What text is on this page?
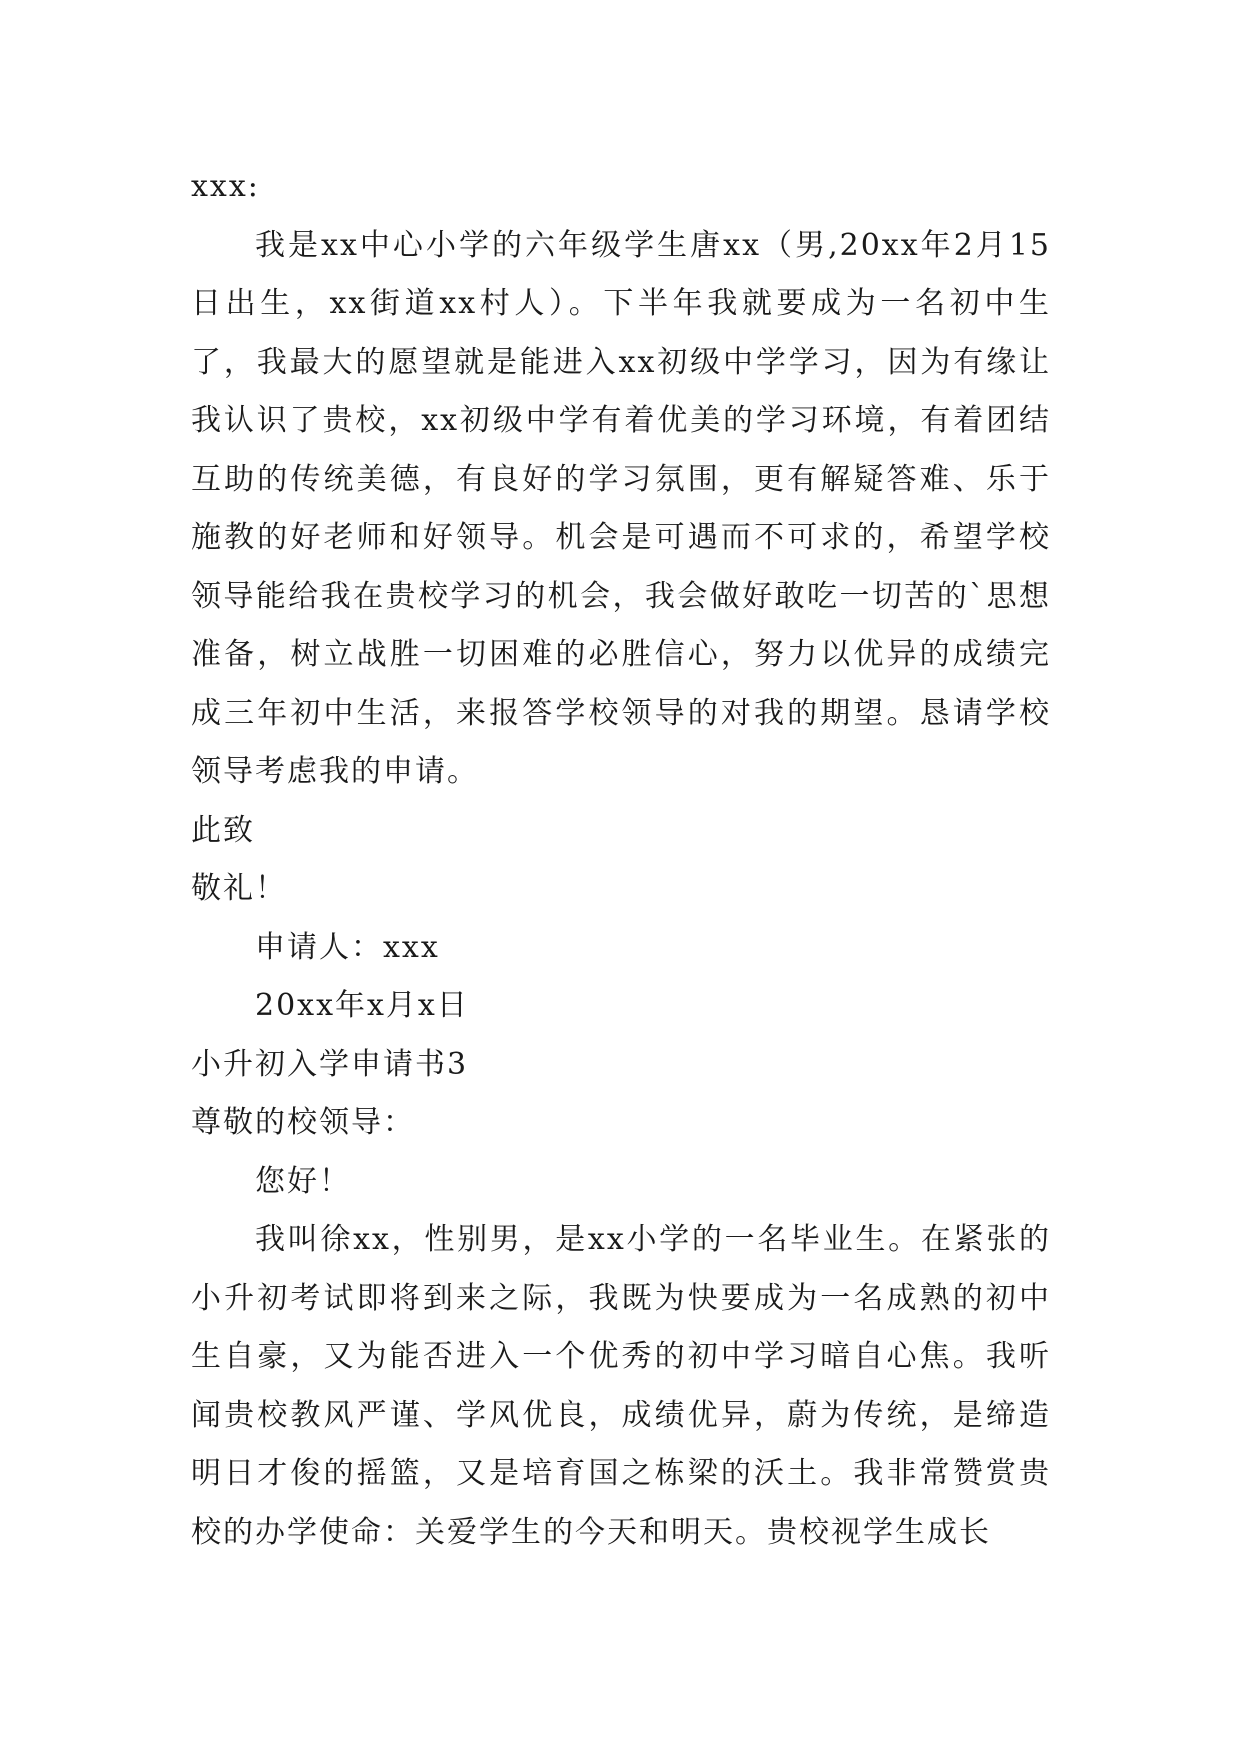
xxx:

我是xx中心小学的六年级学生唐xx（男,20xx年2月15日出生，xx街道xx村人）。下半年我就要成为一名初中生了，我最大的愿望就是能进入xx初级中学学习，因为有缘让我认识了贵校，xx初级中学有着优美的学习环境，有着团结互助的传统美德，有良好的学习氛围，更有解疑答难、乐于施教的好老师和好领导。机会是可遇而不可求的，希望学校领导能给我在贵校学习的机会，我会做好敢吃一切苦的`思想准备，树立战胜一切困难的必胜信心，努力以优异的成绩完成三年初中生活，来报答学校领导的对我的期望。恳请学校领导考虑我的申请。

此致
敬礼！
申请人：xxx
20xx年x月x日
小升初入学申请书3
尊敬的校领导：
您好！

我叫徐xx，性别男，是xx小学的一名毕业生。在紧张的小升初考试即将到来之际，我既为快要成为一名成熟的初中生自豪，又为能否进入一个优秀的初中学习暗自心焦。我听闻贵校教风严谨、学风优良，成绩优异，蔚为传统，是缔造明日才俊的摇篮，又是培育国之栋梁的沃土。我非常赞赏贵校的办学使命：关爱学生的今天和明天。贵校视学生成长
